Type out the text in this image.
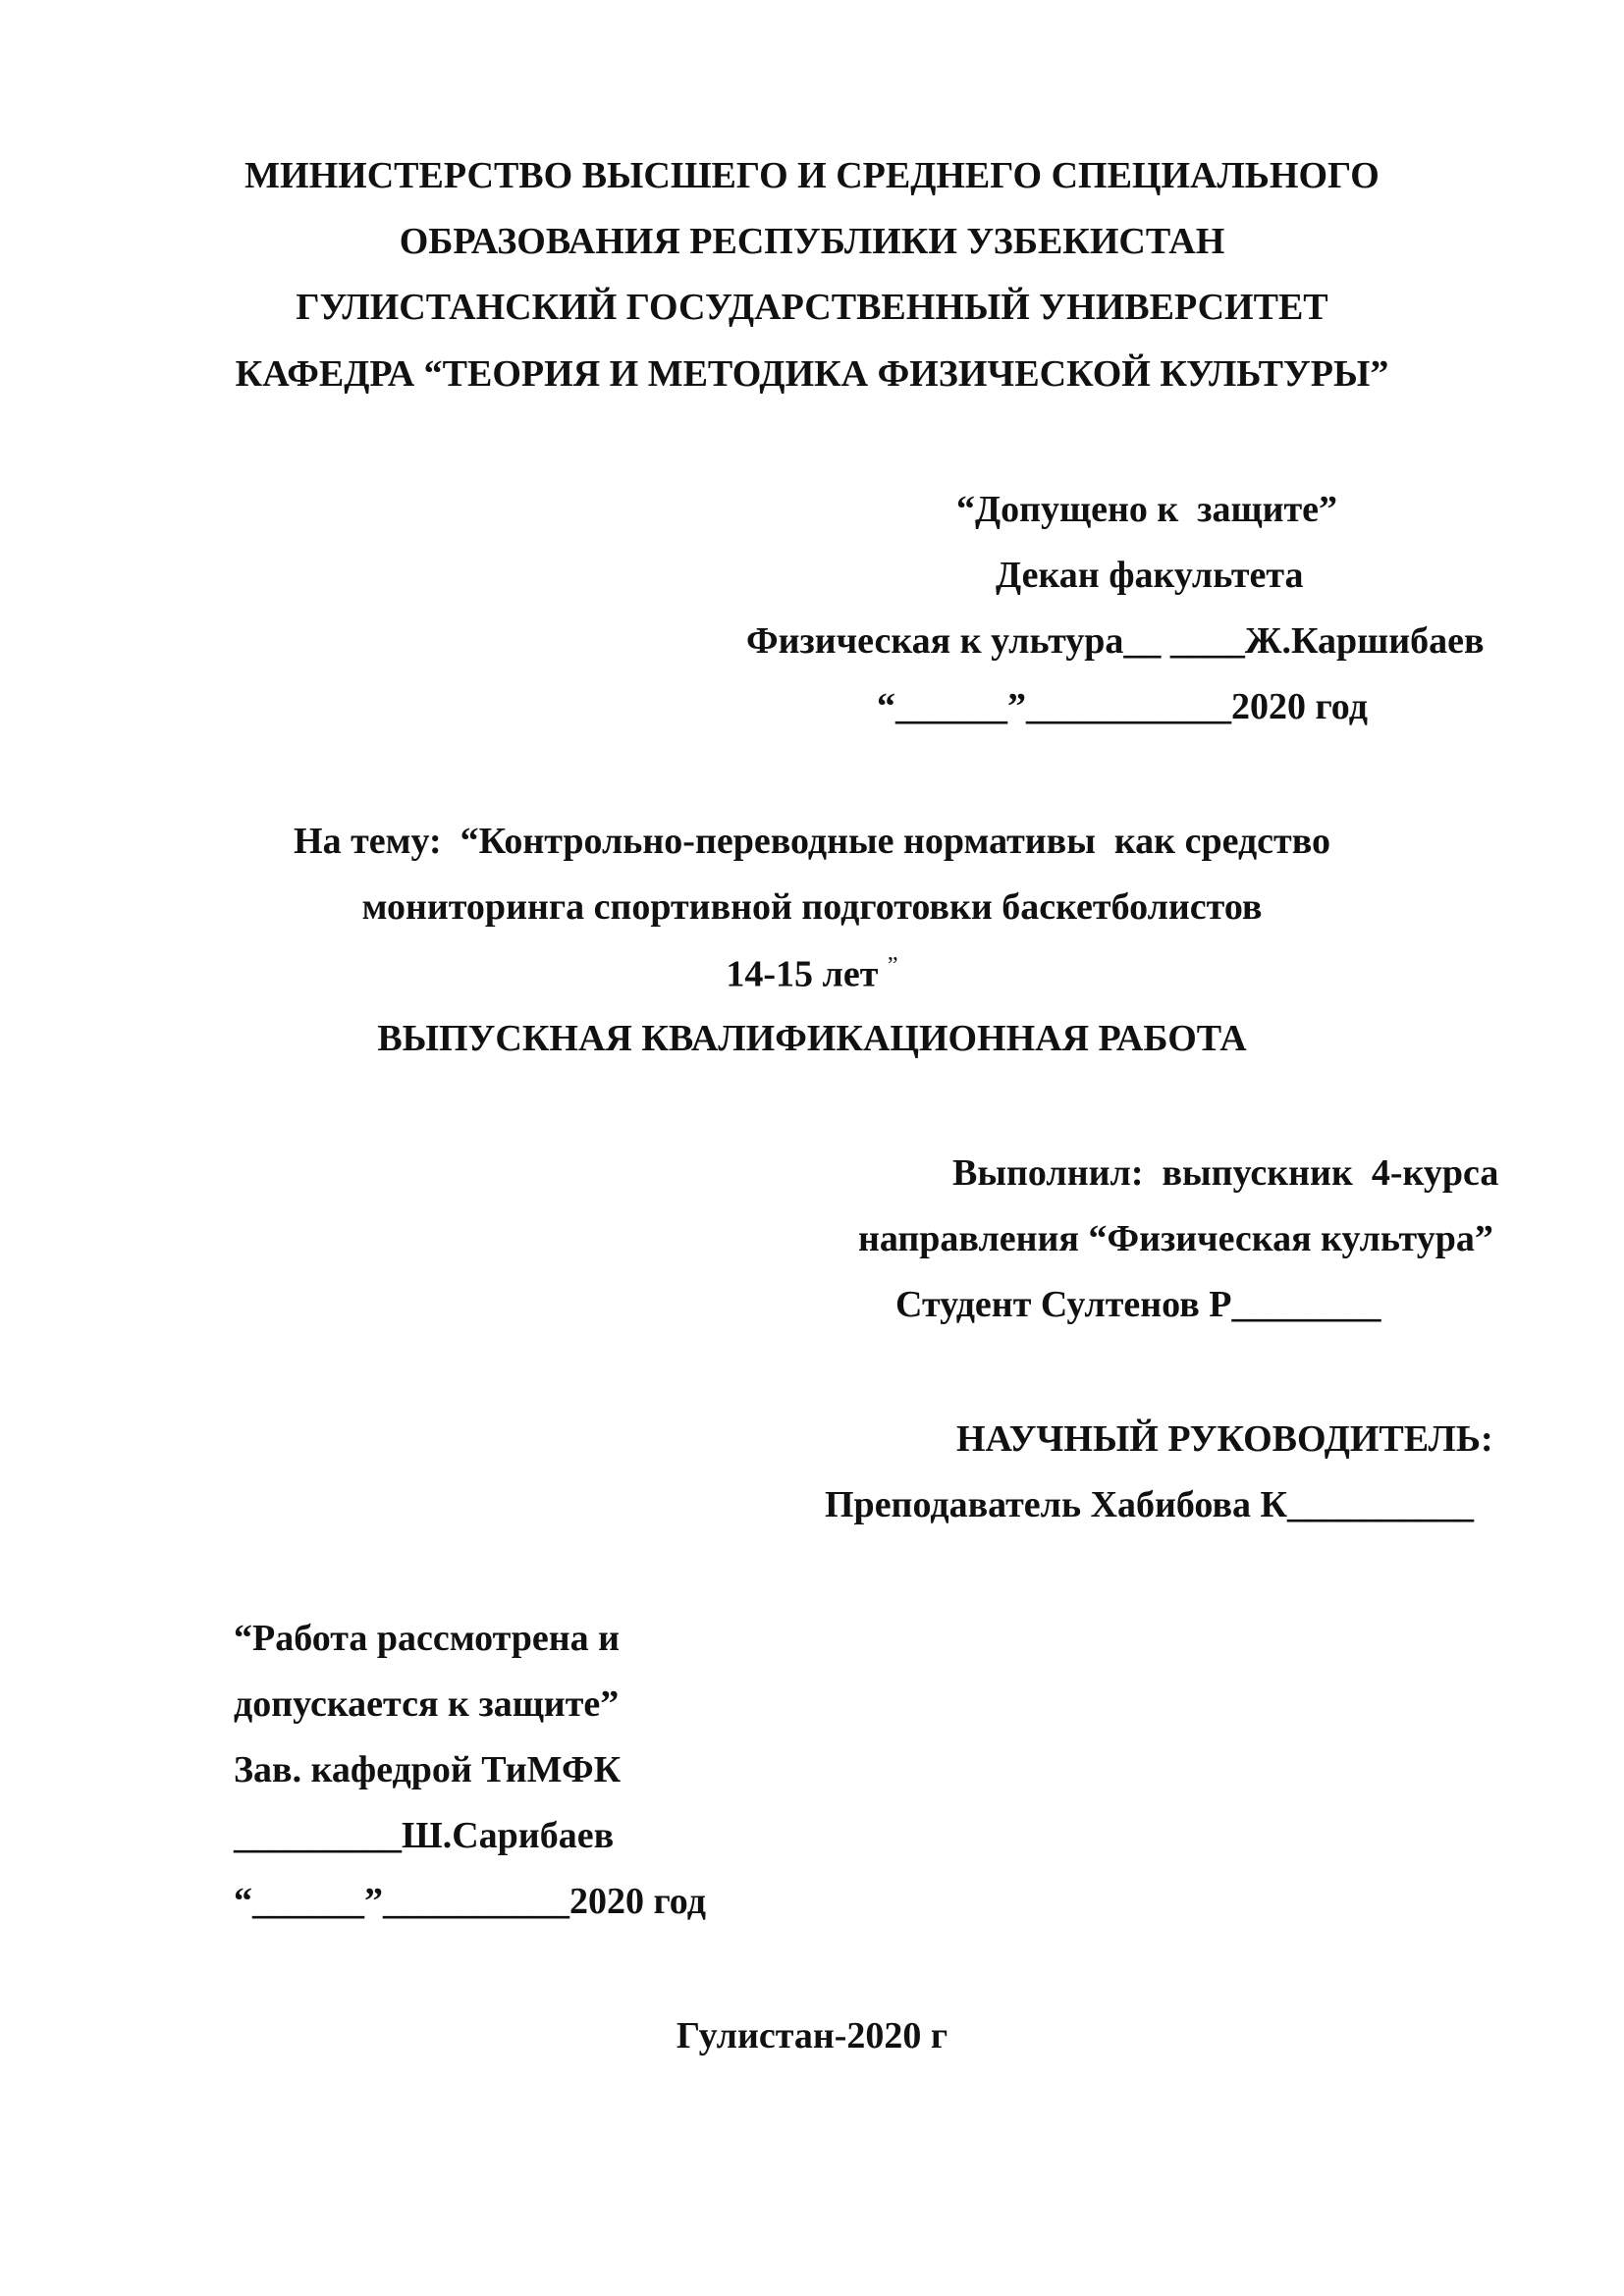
МИНИСТЕРСТВО ВЫСШЕГО И СРЕДНЕГО СПЕЦИАЛЬНОГО
ОБРАЗОВАНИЯ РЕСПУБЛИКИ УЗБЕКИСТАН
ГУЛИСТАНСКИЙ ГОСУДАРСТВЕННЫЙ УНИВЕРСИТЕТ
КАФЕДРА “ТЕОРИЯ И МЕТОДИКА ФИЗИЧЕСКОЙ КУЛЬТУРЫ”
“Допущено к  защите”
Декан факультета
Физическая к ультура__ ____Ж.Каршибаев
“______”___________2020 год
На тему:  “Контрольно-переводные нормативы  как средство
мониторинга спортивной подготовки баскетболистов
14-15 лет ”
ВЫПУСКНАЯ КВАЛИФИКАЦИОННАЯ РАБОТА
Выполнил:  выпускник  4-курса
направления “Физическая культура”
Студент Султенов Р________
НАУЧНЫЙ РУКОВОДИТЕЛЬ:
Преподаватель Хабибова К__________
“Работа рассмотрена и
допускается к защите”
Зав. кафедрой ТиМФК
_________Ш.Сарибаев
“______”__________2020 год
Гулистан-2020 г
